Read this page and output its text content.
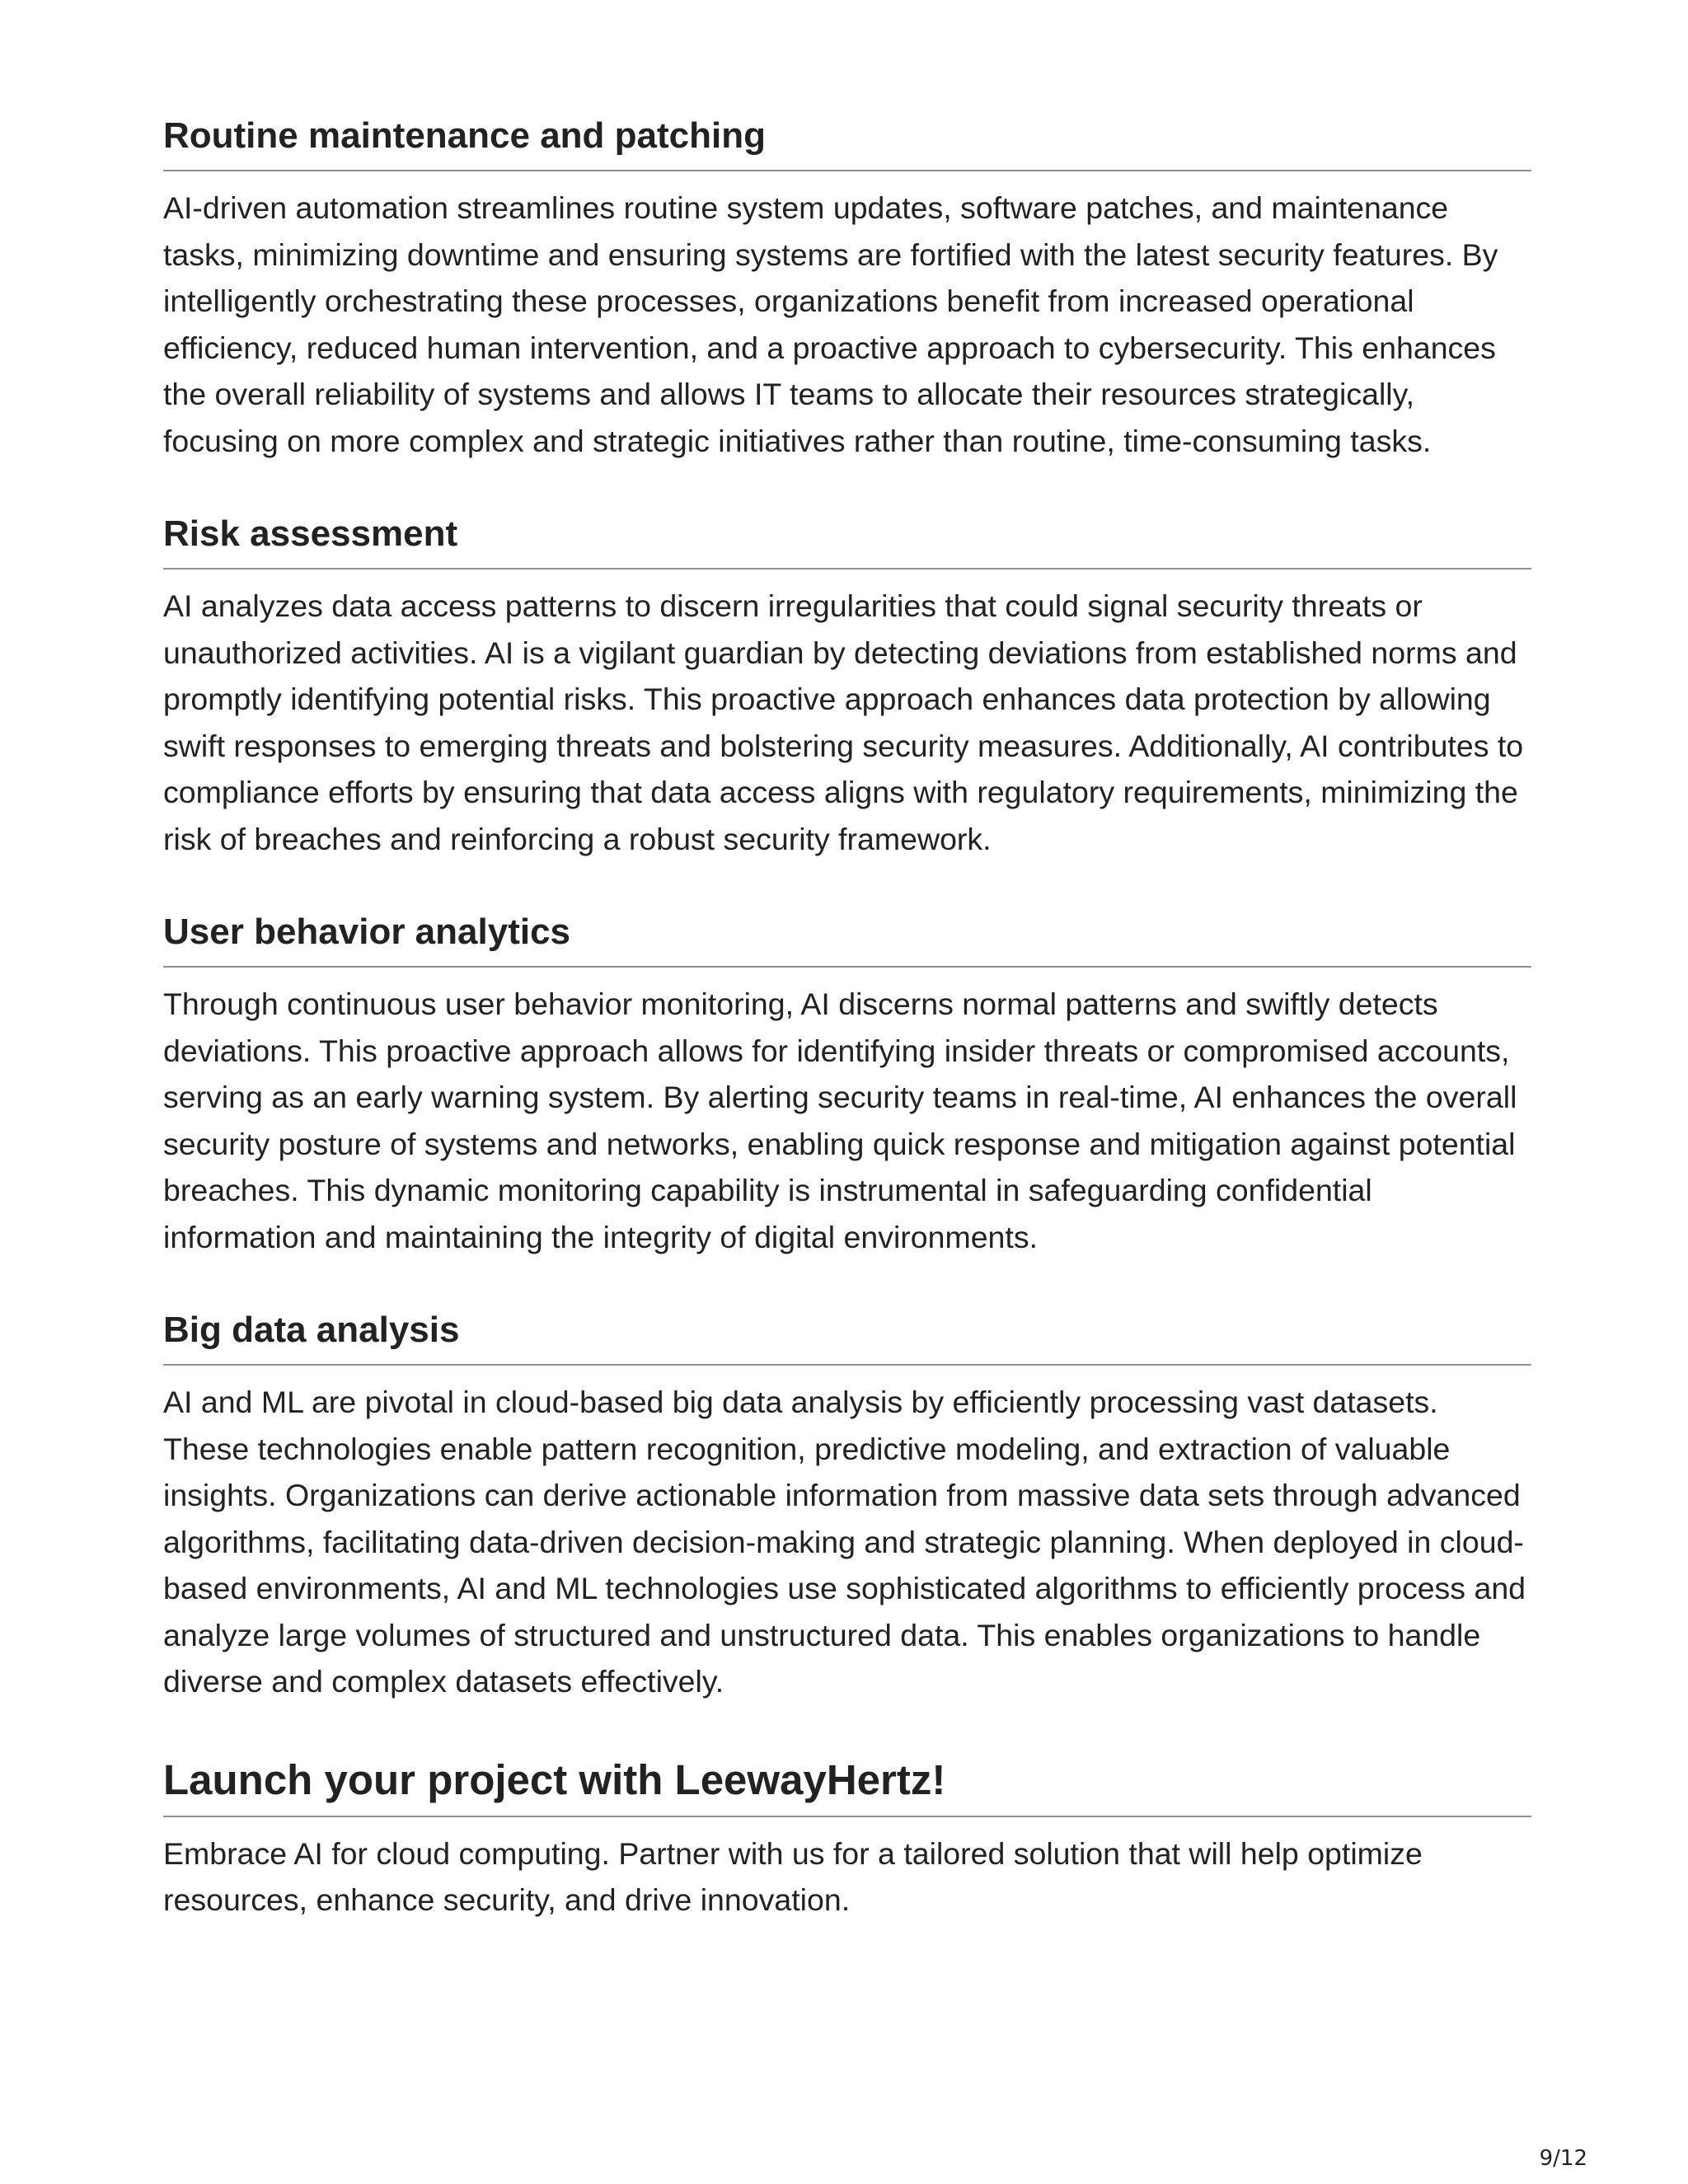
Routine maintenance and patching

AI-driven automation streamlines routine system updates, software patches, and maintenance tasks, minimizing downtime and ensuring systems are fortified with the latest security features. By intelligently orchestrating these processes, organizations benefit from increased operational efficiency, reduced human intervention, and a proactive approach to cybersecurity. This enhances the overall reliability of systems and allows IT teams to allocate their resources strategically, focusing on more complex and strategic initiatives rather than routine, time-consuming tasks.

Risk assessment

AI analyzes data access patterns to discern irregularities that could signal security threats or unauthorized activities. AI is a vigilant guardian by detecting deviations from established norms and promptly identifying potential risks. This proactive approach enhances data protection by allowing swift responses to emerging threats and bolstering security measures. Additionally, AI contributes to compliance efforts by ensuring that data access aligns with regulatory requirements, minimizing the risk of breaches and reinforcing a robust security framework.

User behavior analytics

Through continuous user behavior monitoring, AI discerns normal patterns and swiftly detects deviations. This proactive approach allows for identifying insider threats or compromised accounts, serving as an early warning system. By alerting security teams in real-time, AI enhances the overall security posture of systems and networks, enabling quick response and mitigation against potential breaches. This dynamic monitoring capability is instrumental in safeguarding confidential information and maintaining the integrity of digital environments.

Big data analysis

AI and ML are pivotal in cloud-based big data analysis by efficiently processing vast datasets. These technologies enable pattern recognition, predictive modeling, and extraction of valuable insights. Organizations can derive actionable information from massive data sets through advanced algorithms, facilitating data-driven decision-making and strategic planning. When deployed in cloud-based environments, AI and ML technologies use sophisticated algorithms to efficiently process and analyze large volumes of structured and unstructured data. This enables organizations to handle diverse and complex datasets effectively.

Launch your project with LeewayHertz!

Embrace AI for cloud computing. Partner with us for a tailored solution that will help optimize resources, enhance security, and drive innovation.

9/12
